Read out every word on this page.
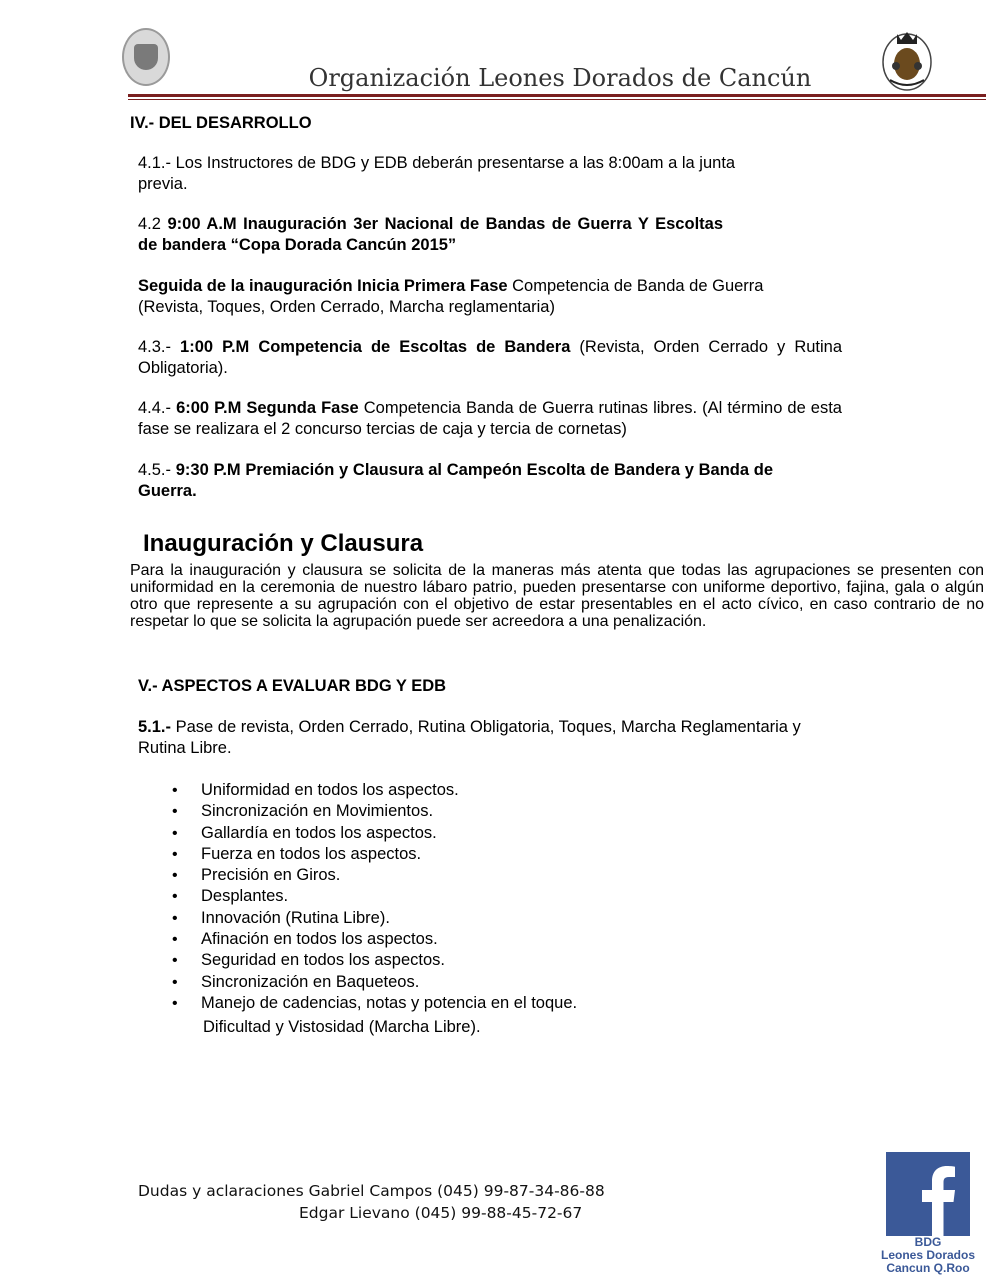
Organización Leones Dorados de Cancún
IV.- DEL DESARROLLO
4.1.- Los Instructores de BDG y EDB deberán presentarse a las 8:00am a la junta previa.
4.2 9:00 A.M Inauguración 3er Nacional de Bandas de Guerra Y Escoltas de bandera “Copa Dorada Cancún 2015”
Seguida de la inauguración Inicia Primera Fase Competencia de Banda de Guerra (Revista, Toques, Orden Cerrado, Marcha reglamentaria)
4.3.- 1:00 P.M Competencia de Escoltas de Bandera (Revista, Orden Cerrado y Rutina Obligatoria).
4.4.- 6:00 P.M Segunda Fase Competencia Banda de Guerra rutinas libres. (Al término de esta fase se realizara el 2 concurso tercias de caja y tercia de cornetas)
4.5.- 9:30 P.M Premiación y Clausura al Campeón Escolta de Bandera y Banda de Guerra.
Inauguración y Clausura
Para la inauguración y clausura se solicita de la maneras más atenta que todas las agrupaciones se presenten con uniformidad en la ceremonia de nuestro lábaro patrio, pueden presentarse con uniforme deportivo, fajina, gala o algún otro que represente a su agrupación con el objetivo de estar presentables en el acto cívico, en caso contrario de no respetar lo que se solicita la agrupación puede ser acreedora a una penalización.
V.- ASPECTOS A EVALUAR BDG Y EDB
5.1.- Pase de revista, Orden Cerrado, Rutina Obligatoria, Toques, Marcha Reglamentaria y Rutina Libre.
• Uniformidad en todos los aspectos.
• Sincronización en Movimientos.
• Gallardía en todos los aspectos.
• Fuerza en todos los aspectos.
• Precisión en Giros.
• Desplantes.
• Innovación (Rutina Libre).
• Afinación en todos los aspectos.
• Seguridad en todos los aspectos.
• Sincronización en Baqueteos.
• Manejo de cadencias, notas y potencia en el toque.
Dificultad y Vistosidad (Marcha Libre).
Dudas y aclaraciones Gabriel Campos (045) 99-87-34-86-88
Edgar Lievano (045) 99-88-45-72-67
BDG
Leones Dorados
Cancun Q.Roo
